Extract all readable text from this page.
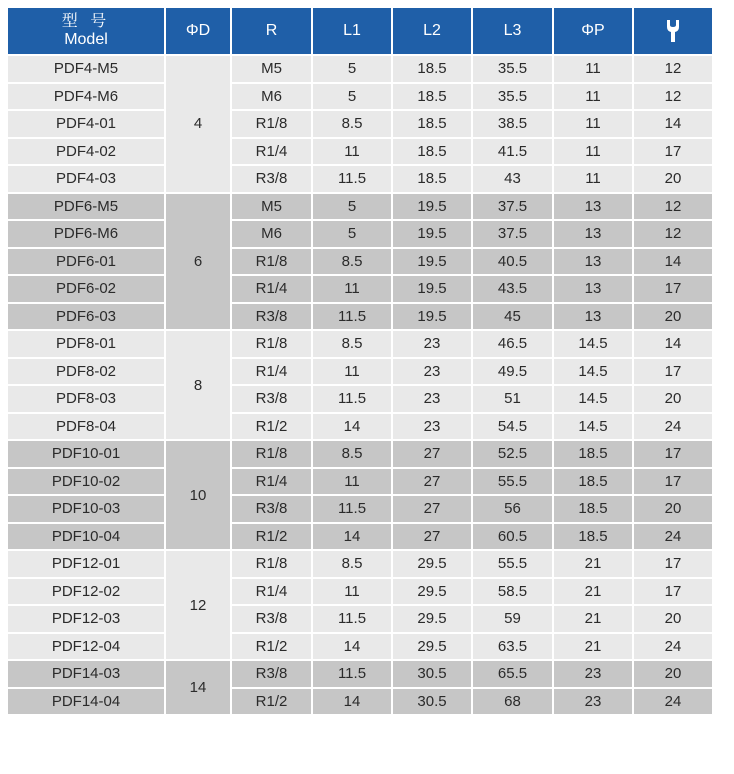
型 号
Model	ΦD	R	L1	L2	L3	ΦP	

PDF4-M5	4	M5	5	18.5	35.5	11	12
PDF4-M6		M6	5	18.5	35.5	11	12
PDF4-01		R1/8	8.5	18.5	38.5	11	14
PDF4-02		R1/4	11	18.5	41.5	11	17
PDF4-03		R3/8	11.5	18.5	43	11	20
PDF6-M5	6	M5	5	19.5	37.5	13	12
PDF6-M6		M6	5	19.5	37.5	13	12
PDF6-01		R1/8	8.5	19.5	40.5	13	14
PDF6-02		R1/4	11	19.5	43.5	13	17
PDF6-03		R3/8	11.5	19.5	45	13	20
PDF8-01	8	R1/8	8.5	23	46.5	14.5	14
PDF8-02		R1/4	11	23	49.5	14.5	17
PDF8-03		R3/8	11.5	23	51	14.5	20
PDF8-04		R1/2	14	23	54.5	14.5	24
PDF10-01	10	R1/8	8.5	27	52.5	18.5	17
PDF10-02		R1/4	11	27	55.5	18.5	17
PDF10-03		R3/8	11.5	27	56	18.5	20
PDF10-04		R1/2	14	27	60.5	18.5	24
PDF12-01	12	R1/8	8.5	29.5	55.5	21	17
PDF12-02		R1/4	11	29.5	58.5	21	17
PDF12-03		R3/8	11.5	29.5	59	21	20
PDF12-04		R1/2	14	29.5	63.5	21	24
PDF14-03	14	R3/8	11.5	30.5	65.5	23	20
PDF14-04		R1/2	14	30.5	68	23	24
